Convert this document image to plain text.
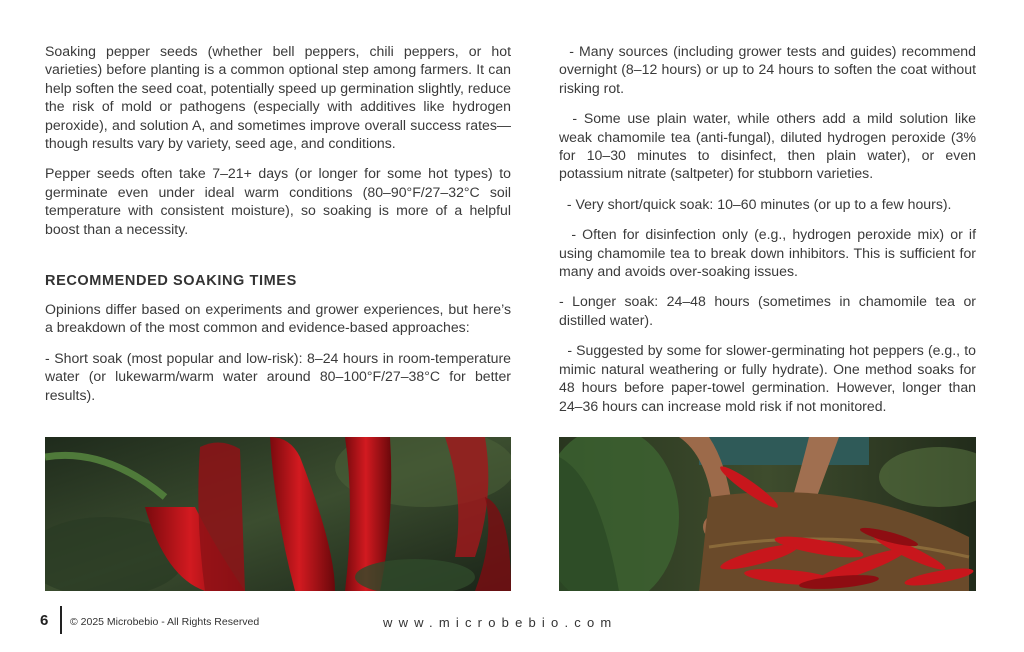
Soaking pepper seeds (whether bell peppers, chili peppers, or hot varieties) before planting is a common optional step among farmers. It can help soften the seed coat, potentially speed up germination slightly, reduce the risk of mold or pathogens (especially with additives like hydrogen peroxide), and solution A, and sometimes improve overall success rates—though results vary by variety, seed age, and conditions.

Pepper seeds often take 7–21+ days (or longer for some hot types) to germinate even under ideal warm conditions (80–90°F/27–32°C soil temperature with consistent moisture), so soaking is more of a helpful boost than a necessity.

RECOMMENDED SOAKING TIMES

Opinions differ based on experiments and grower experiences, but here’s a breakdown of the most common and evidence-based approaches:

- Short soak (most popular and low-risk): 8–24 hours in room-temperature water (or lukewarm/warm water around 80–100°F/27–38°C for better results).

- Many sources (including grower tests and guides) recommend overnight (8–12 hours) or up to 24 hours to soften the coat without risking rot.

- Some use plain water, while others add a mild solution like weak chamomile tea (anti-fungal), diluted hydrogen peroxide (3% for 10–30 minutes to disinfect, then plain water), or even potassium nitrate (saltpeter) for stubborn varieties.

- Very short/quick soak: 10–60 minutes (or up to a few hours).

- Often for disinfection only (e.g., hydrogen peroxide mix) or if using chamomile tea to break down inhibitors. This is sufficient for many and avoids over-soaking issues.

- Longer soak: 24–48 hours (sometimes in chamomile tea or distilled water).

- Suggested by some for slower-germinating hot peppers (e.g., to mimic natural weathering or fully hydrate). One method soaks for 48 hours before paper-towel germination. However, longer than 24–36 hours can increase mold risk if not monitored.

6 © 2025 Microbebio - All Rights Reserved	www.microbebio.com
